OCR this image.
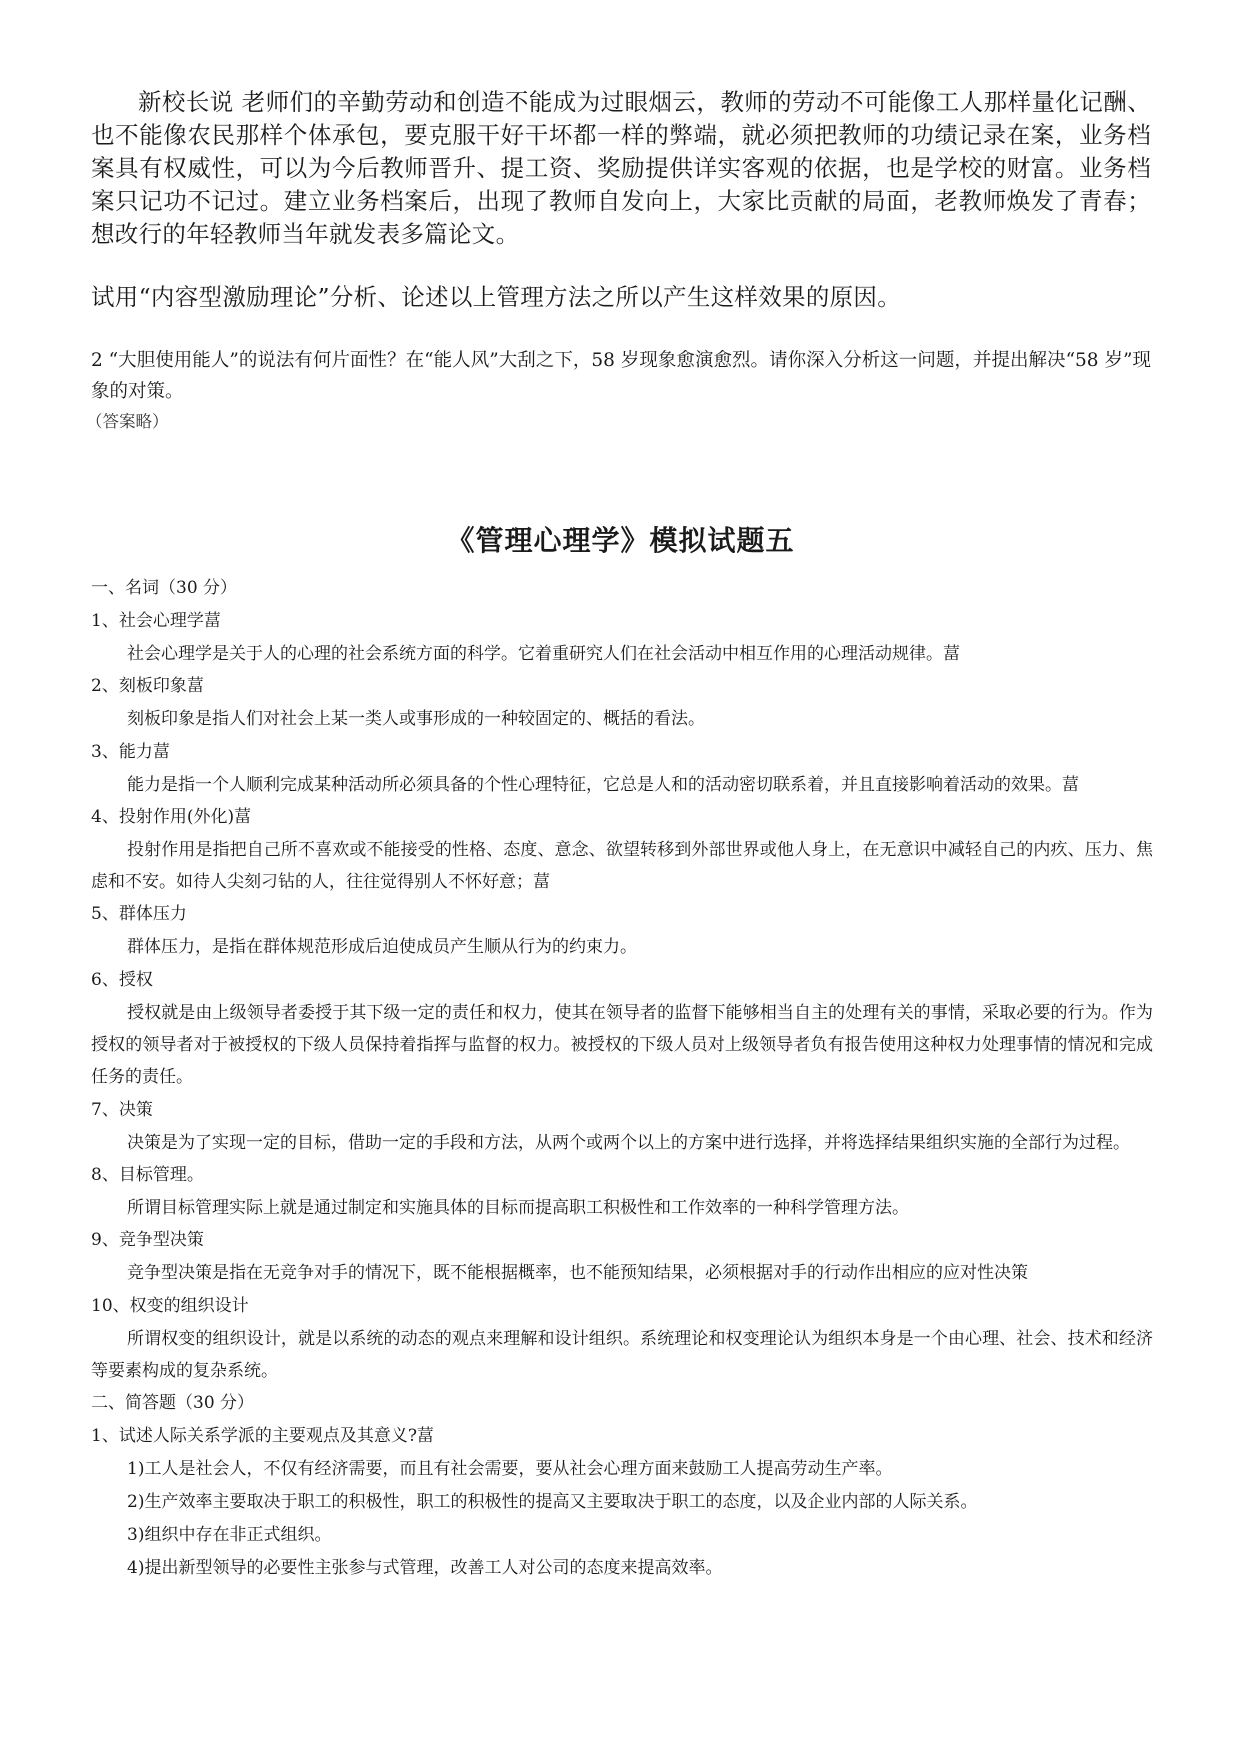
新校长说 老师们的辛勤劳动和创造不能成为过眼烟云，教师的劳动不可能像工人那样量化记酬、也不能像农民那样个体承包，要克服干好干坏都一样的弊端，就必须把教师的功绩记录在案，业务档案具有权威性，可以为今后教师晋升、提工资、奖励提供详实客观的依据，也是学校的财富。业务档案只记功不记过。建立业务档案后，出现了教师自发向上，大家比贡献的局面，老教师焕发了青春；想改行的年轻教师当年就发表多篇论文。
试用“内容型激励理论”分析、论述以上管理方法之所以产生这样效果的原因。
2 “大胆使用能人”的说法有何片面性？在“能人风”大刮之下，58 岁现象愈演愈烈。请你深入分析这一问题，并提出解决“58 岁”现象的对策。
（答案略）
《管理心理学》模拟试题五
一、名词（30 分）
1、社会心理学葍
社会心理学是关于人的心理的社会系统方面的科学。它着重研究人们在社会活动中相互作用的心理活动规律。葍
2、刻板印象葍
刻板印象是指人们对社会上某一类人或事形成的一种较固定的、概括的看法。
3、能力葍
能力是指一个人顺利完成某种活动所必须具备的个性心理特征，它总是人和的活动密切联系着，并且直接影响着活动的效果。葍
4、投射作用(外化)葍
投射作用是指把自己所不喜欢或不能接受的性格、态度、意念、欲望转移到外部世界或他人身上，在无意识中减轻自己的内疚、压力、焦虑和不安。如待人尖刻刁钻的人，往往觉得别人不怀好意；葍
5、群体压力
群体压力，是指在群体规范形成后迫使成员产生顺从行为的约束力。
6、授权
授权就是由上级领导者委授于其下级一定的责任和权力，使其在领导者的监督下能够相当自主的处理有关的事情，采取必要的行为。作为授权的领导者对于被授权的下级人员保持着指挥与监督的权力。被授权的下级人员对上级领导者负有报告使用这种权力处理事情的情况和完成任务的责任。
7、决策
决策是为了实现一定的目标，借助一定的手段和方法，从两个或两个以上的方案中进行选择，并将选择结果组织实施的全部行为过程。
8、目标管理。
所谓目标管理实际上就是通过制定和实施具体的目标而提高职工积极性和工作效率的一种科学管理方法。
9、竞争型决策
竞争型决策是指在无竞争对手的情况下，既不能根据概率，也不能预知结果，必须根据对手的行动作出相应的应对性决策
10、权变的组织设计
所谓权变的组织设计，就是以系统的动态的观点来理解和设计组织。系统理论和权变理论认为组织本身是一个由心理、社会、技术和经济等要素构成的复杂系统。
二、简答题（30 分）
1、试述人际关系学派的主要观点及其意义?葍
1)工人是社会人，不仅有经济需要，而且有社会需要，要从社会心理方面来鼓励工人提高劳动生产率。
2)生产效率主要取决于职工的积极性，职工的积极性的提高又主要取决于职工的态度，以及企业内部的人际关系。
3)组织中存在非正式组织。
4)提出新型领导的必要性主张参与式管理，改善工人对公司的态度来提高效率。
